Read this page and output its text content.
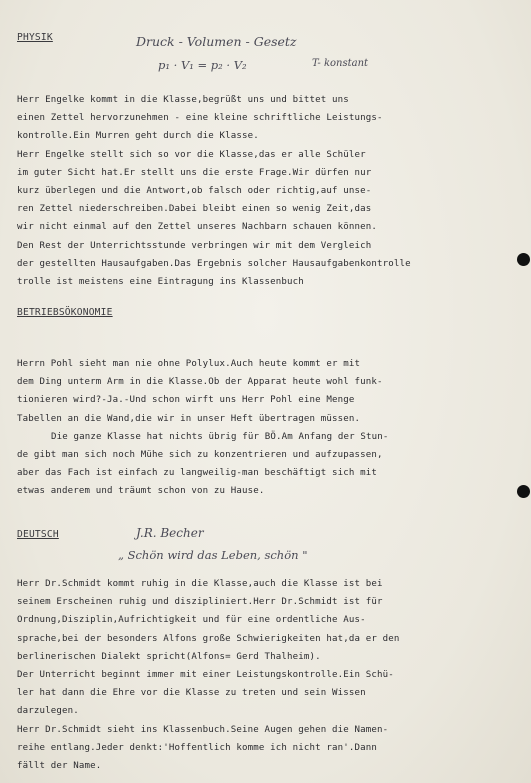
PHYSIK	Druck - Volumen - Gesetz
p₁ · V₁ = p₂ · V₂	T- konstant
Herr Engelke kommt in die Klasse,begrüßt uns und bittet uns
einen Zettel hervorzunehmen - eine kleine schriftliche Leistungs-
kontrolle.Ein Murren geht durch die Klasse.
Herr Engelke stellt sich so vor die Klasse,das er alle Schüler
im guter Sicht hat.Er stellt uns die erste Frage.Wir dürfen nur
kurz überlegen und die Antwort,ob falsch oder richtig,auf unse-
ren Zettel niederschreiben.Dabei bleibt einen so wenig Zeit,das
wir nicht einmal auf den Zettel unseres Nachbarn schauen können.
Den Rest der Unterrichtsstunde verbringen wir mit dem Vergleich
der gestellten Hausaufgaben.Das Ergebnis solcher Hausaufgabenkontrolle
trolle ist meistens eine Eintragung ins Klassenbuch
BETRIEBSÖKONOMIE
Herrn Pohl sieht man nie ohne Polylux.Auch heute kommt er mit
dem Ding unterm Arm in die Klasse.Ob der Apparat heute wohl funk-
tionieren wird?-Ja.-Und schon wirft uns Herr Pohl eine Menge
Tabellen an die Wand,die wir in unser Heft übertragen müssen.
Die ganze Klasse hat nichts übrig für BÖ.Am Anfang der Stun-
de gibt man sich noch Mühe sich zu konzentrieren und aufzupassen,
aber das Fach ist einfach zu langweilig-man beschäftigt sich mit
etwas anderem und träumt schon von zu Hause.
DEUTSCH	J.R. Becher
„ Schön wird das Leben, schön "
Herr Dr.Schmidt kommt ruhig in die Klasse,auch die Klasse ist bei
seinem Erscheinen ruhig und diszipliniert.Herr Dr.Schmidt ist für
Ordnung,Disziplin,Aufrichtigkeit und für eine ordentliche Aus-
sprache,bei der besonders Alfons große Schwierigkeiten hat,da er den
berlinerischen Dialekt spricht(Alfons= Gerd Thalheim).
Der Unterricht beginnt immer mit einer Leistungskontrolle.Ein Schü-
ler hat dann die Ehre vor die Klasse zu treten und sein Wissen
darzulegen.
Herr Dr.Schmidt sieht ins Klassenbuch.Seine Augen gehen die Namen-
reihe entlang.Jeder denkt:'Hoffentlich komme ich nicht ran'.Dann
fällt der Name.
